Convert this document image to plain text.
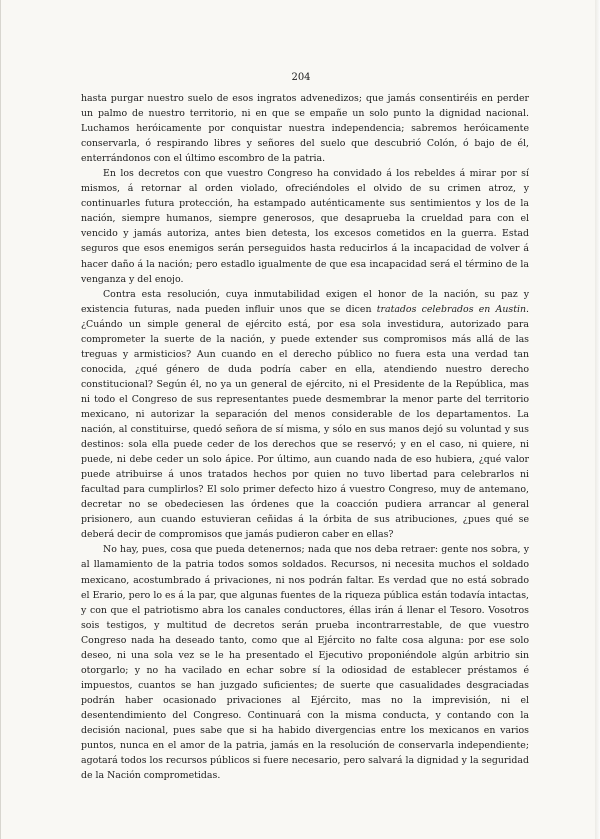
204

hasta purgar nuestro suelo de esos ingratos advenedizos; que jamás consentiréis en perder un palmo de nuestro territorio, ni en que se empañe un solo punto la dignidad nacional. Luchamos heróicamente por conquistar nuestra independencia; sabremos heróicamente conservarla, ó respirando libres y señores del suelo que descubrió Colón, ó bajo de él, enterrándonos con el último escombro de la patria.

En los decretos con que vuestro Congreso ha convidado á los rebeldes á mirar por sí mismos, á retornar al orden violado, ofreciéndoles el olvido de su crimen atroz, y continuarles futura protección, ha estampado auténticamente sus sentimientos y los de la nación, siempre humanos, siempre generosos, que desaprueba la crueldad para con el vencido y jamás autoriza, antes bien detesta, los excesos cometidos en la guerra. Estad seguros que esos enemigos serán perseguidos hasta reducirlos á la incapacidad de volver á hacer daño á la nación; pero estadlo igualmente de que esa incapacidad será el término de la venganza y del enojo.

Contra esta resolución, cuya inmutabilidad exigen el honor de la nación, su paz y existencia futuras, nada pueden influir unos que se dicen tratados celebrados en Austin. ¿Cuándo un simple general de ejército está, por esa sola investidura, autorizado para comprometer la suerte de la nación, y puede extender sus compromisos más allá de las treguas y armisticios? Aun cuando en el derecho público no fuera esta una verdad tan conocida, ¿qué género de duda podría caber en ella, atendiendo nuestro derecho constitucional? Según él, no ya un general de ejército, ni el Presidente de la República, mas ni todo el Congreso de sus representantes puede desmembrar la menor parte del territorio mexicano, ni autorizar la separación del menos considerable de los departamentos. La nación, al constituirse, quedó señora de sí misma, y sólo en sus manos dejó su voluntad y sus destinos: sola ella puede ceder de los derechos que se reservó; y en el caso, ni quiere, ni puede, ni debe ceder un solo ápice. Por último, aun cuando nada de eso hubiera, ¿qué valor puede atribuirse á unos tratados hechos por quien no tuvo libertad para celebrarlos ni facultad para cumplirlos? El solo primer defecto hizo á vuestro Congreso, muy de antemano, decretar no se obedeciesen las órdenes que la coacción pudiera arrancar al general prisionero, aun cuando estuvieran ceñidas á la órbita de sus atribuciones, ¿pues qué se deberá decir de compromisos que jamás pudieron caber en ellas?

No hay, pues, cosa que pueda detenernos; nada que nos deba retraer: gente nos sobra, y al llamamiento de la patria todos somos soldados. Recursos, ni necesita muchos el soldado mexicano, acostumbrado á privaciones, ni nos podrán faltar. Es verdad que no está sobrado el Erario, pero lo es á la par, que algunas fuentes de la riqueza pública están todavía intactas, y con que el patriotismo abra los canales conductores, éllas irán á llenar el Tesoro. Vosotros sois testigos, y multitud de decretos serán prueba incontrarrestable, de que vuestro Congreso nada ha deseado tanto, como que al Ejército no falte cosa alguna: por ese solo deseo, ni una sola vez se le ha presentado el Ejecutivo proponiéndole algún arbitrio sin otorgarlo; y no ha vacilado en echar sobre sí la odiosidad de establecer préstamos é impuestos, cuantos se han juzgado suficientes; de suerte que casualidades desgraciadas podrán haber ocasionado privaciones al Ejército, mas no la imprevisión, ni el desentendimiento del Congreso. Continuará con la misma conducta, y contando con la decisión nacional, pues sabe que si ha habido divergencias entre los mexicanos en varios puntos, nunca en el amor de la patria, jamás en la resolución de conservarla independiente; agotará todos los recursos públicos si fuere necesario, pero salvará la dignidad y la seguridad de la Nación comprometidas.
